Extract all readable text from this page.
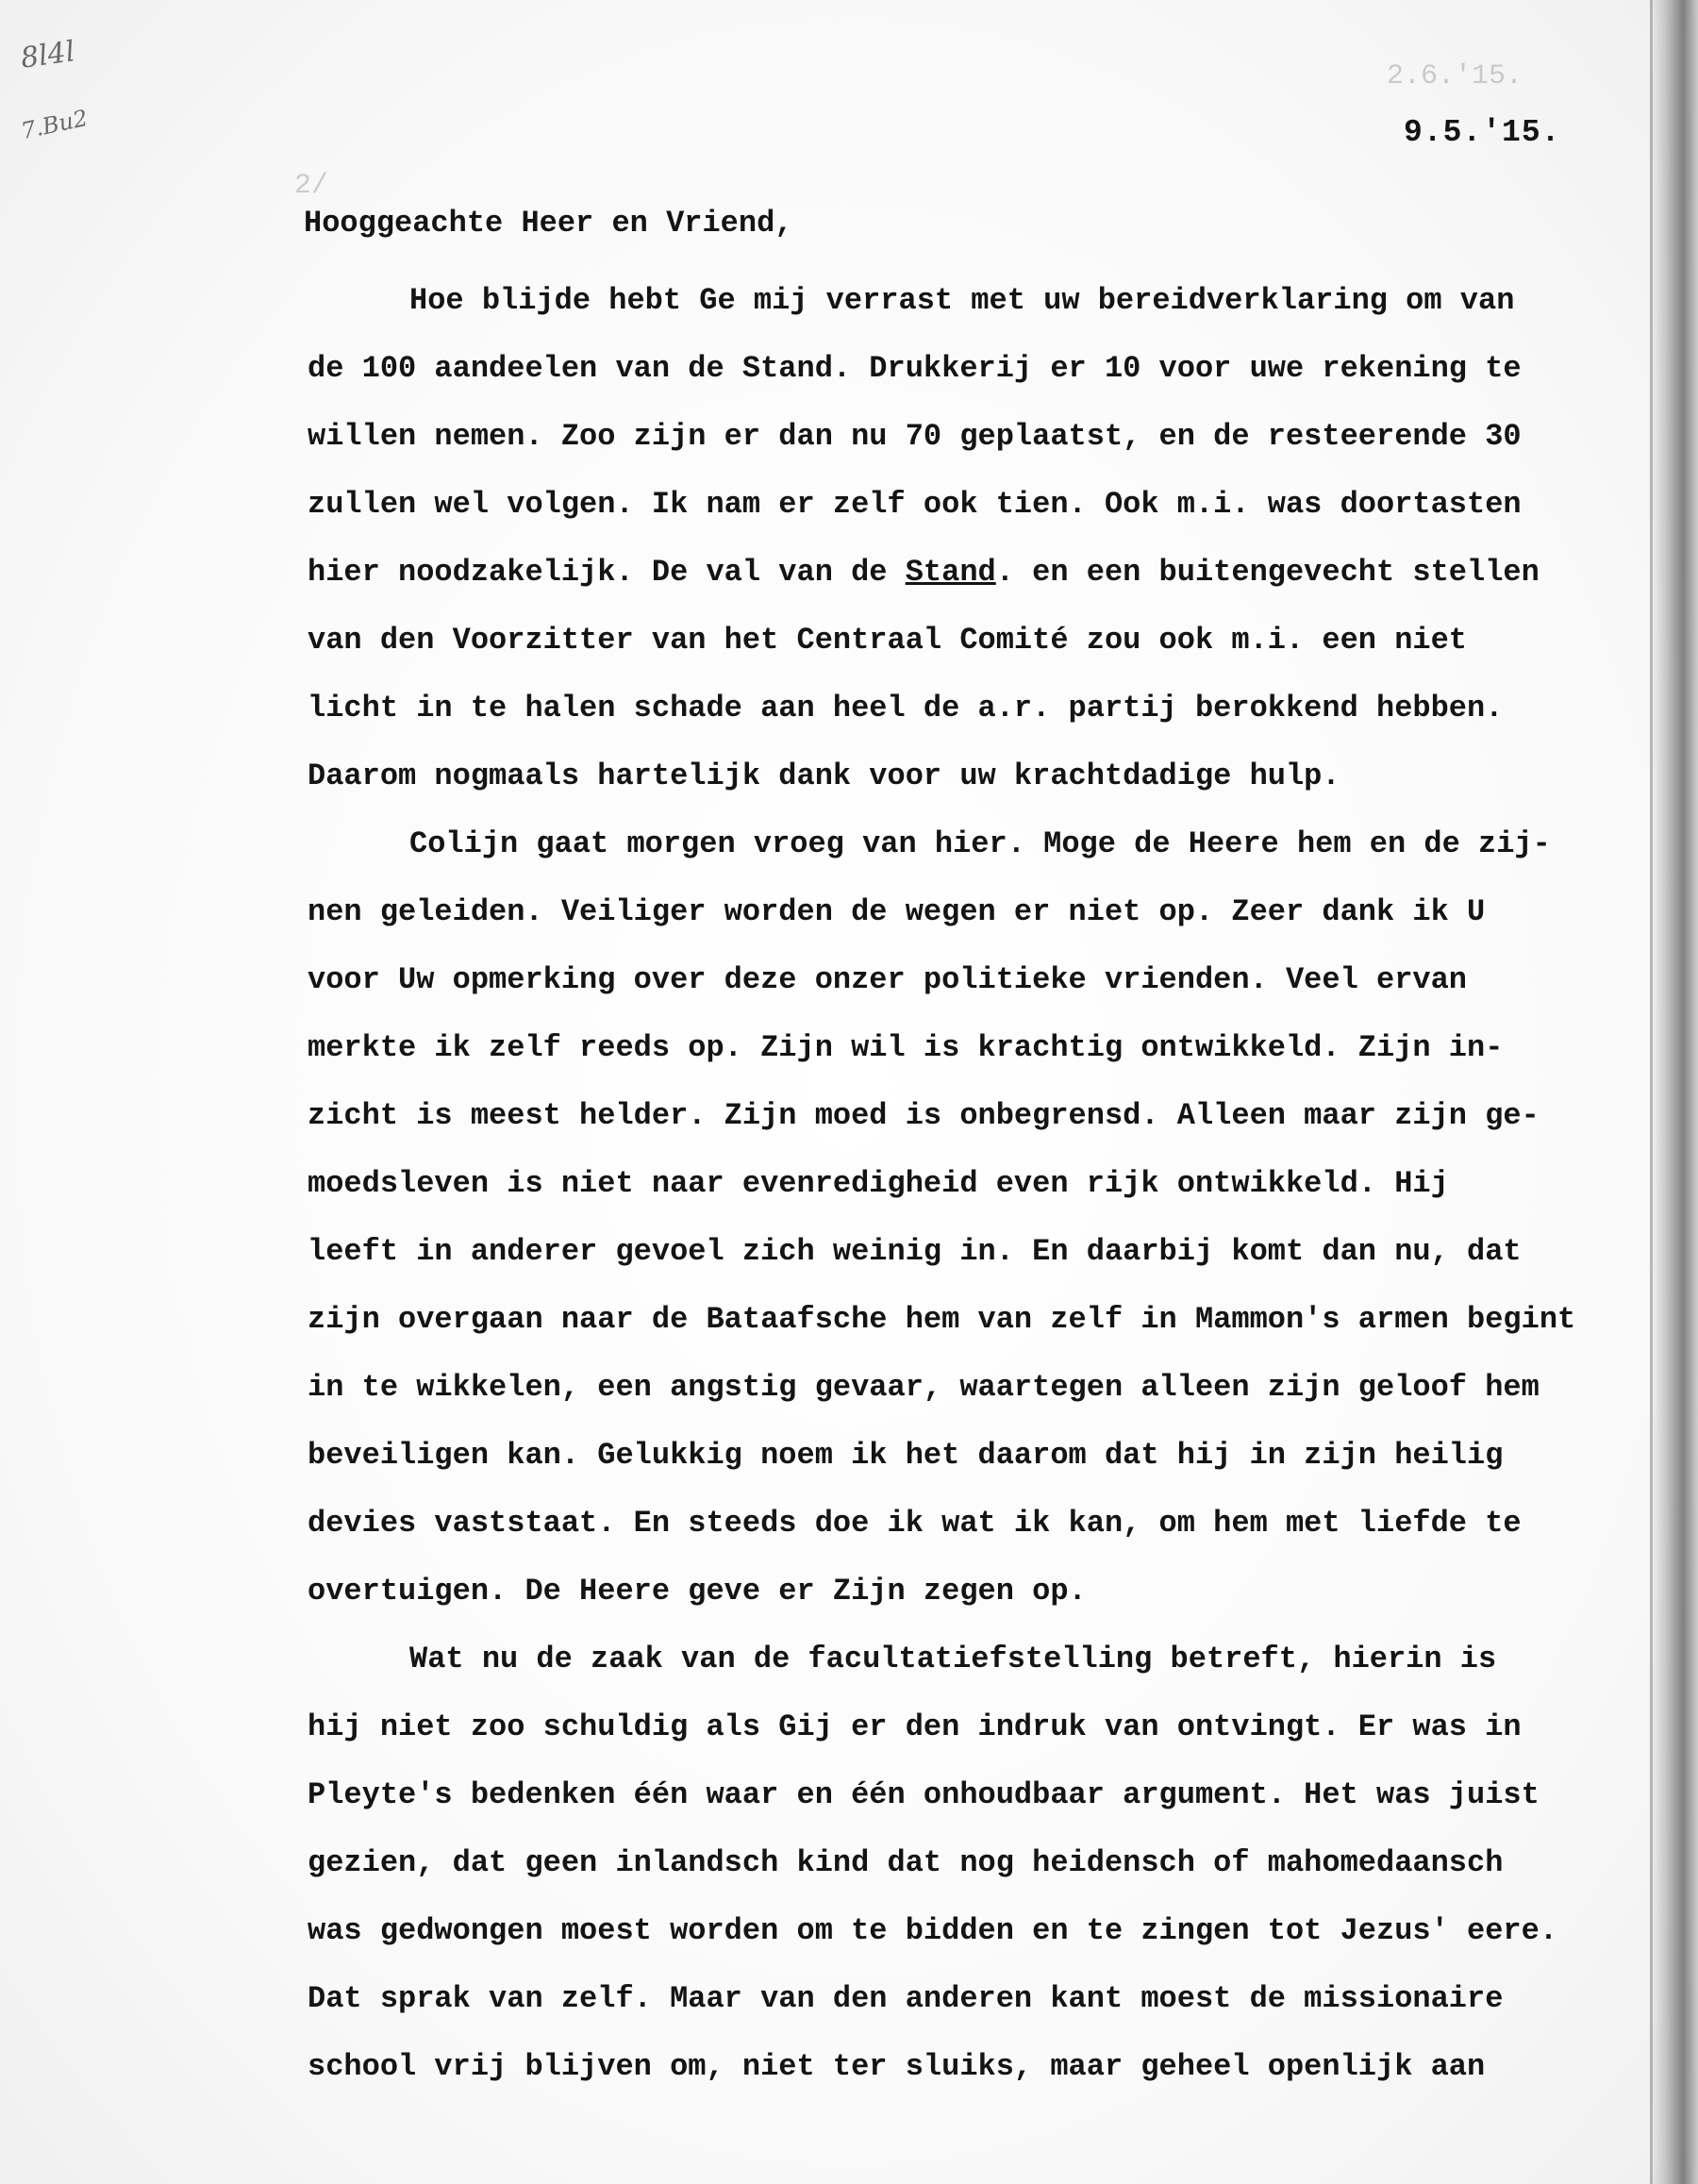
8l4l
7.Bu2
2.6.'15.
2/
9.5.'15.
Hooggeachte Heer en Vriend,
Hoe blijde hebt Ge mij verrast met uw bereidverklaring om van
de 100 aandeelen van de Stand. Drukkerij er 10 voor uwe rekening te
willen nemen. Zoo zijn er dan nu 70 geplaatst, en de resteerende 30
zullen wel volgen. Ik nam er zelf ook tien. Ook m.i. was doortasten
hier noodzakelijk. De val van de Stand. en een buitengevecht stellen
van den Voorzitter van het Centraal Comité zou ook m.i. een niet
licht in te halen schade aan heel de a.r. partij berokkend hebben.
Daarom nogmaals hartelijk dank voor uw krachtdadige hulp.
Colijn gaat morgen vroeg van hier. Moge de Heere hem en de zij-
nen geleiden. Veiliger worden de wegen er niet op. Zeer dank ik U
voor Uw opmerking over deze onzer politieke vrienden. Veel ervan
merkte ik zelf reeds op. Zijn wil is krachtig ontwikkeld. Zijn in-
zicht is meest helder. Zijn moed is onbegrensd. Alleen maar zijn ge-
moedsleven is niet naar evenredigheid even rijk ontwikkeld. Hij
leeft in anderer gevoel zich weinig in. En daarbij komt dan nu, dat
zijn overgaan naar de Bataafsche hem van zelf in Mammon's armen begint
in te wikkelen, een angstig gevaar, waartegen alleen zijn geloof hem
beveiligen kan. Gelukkig noem ik het daarom dat hij in zijn heilig
devies vaststaat. En steeds doe ik wat ik kan, om hem met liefde te
overtuigen. De Heere geve er Zijn zegen op.
Wat nu de zaak van de facultatiefstelling betreft, hierin is
hij niet zoo schuldig als Gij er den indruk van ontvingt. Er was in
Pleyte's bedenken één waar en één onhoudbaar argument. Het was juist
gezien, dat geen inlandsch kind dat nog heidensch of mahomedaansch
was gedwongen moest worden om te bidden en te zingen tot Jezus' eere.
Dat sprak van zelf. Maar van den anderen kant moest de missionaire
school vrij blijven om, niet ter sluiks, maar geheel openlijk aan
